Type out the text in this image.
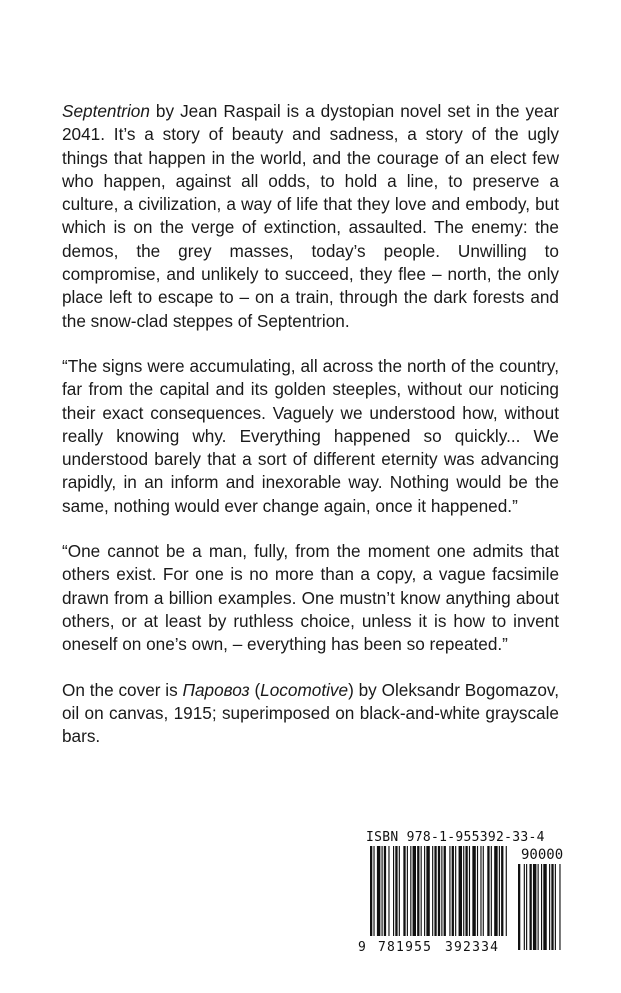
Septentrion by Jean Raspail is a dystopian novel set in the year 2041. It’s a story of beauty and sadness, a story of the ugly things that happen in the world, and the courage of an elect few who happen, against all odds, to hold a line, to preserve a culture, a civilization, a way of life that they love and embody, but which is on the verge of extinction, assaulted. The enemy: the demos, the grey masses, today’s people. Unwilling to compromise, and unlikely to succeed, they flee – north, the only place left to escape to – on a train, through the dark forests and the snow-clad steppes of Septentrion.

“The signs were accumulating, all across the north of the country, far from the capital and its golden steeples, without our noticing their exact consequences. Vaguely we understood how, without really knowing why. Everything happened so quickly... We understood barely that a sort of different eternity was advancing rapidly, in an inform and inexorable way. Nothing would be the same, nothing would ever change again, once it happened.”

“One cannot be a man, fully, from the moment one admits that others exist. For one is no more than a copy, a vague facsimile drawn from a billion examples. One mustn’t know anything about others, or at least by ruthless choice, unless it is how to invent oneself on one’s own, – everything has been so repeated.”

On the cover is Паровоз (Locomotive) by Oleksandr Bogomazov, oil on canvas, 1915; superimposed on black-and-white grayscale bars.

ISBN 978-1-955392-33-4
90000
9 781955 392334
